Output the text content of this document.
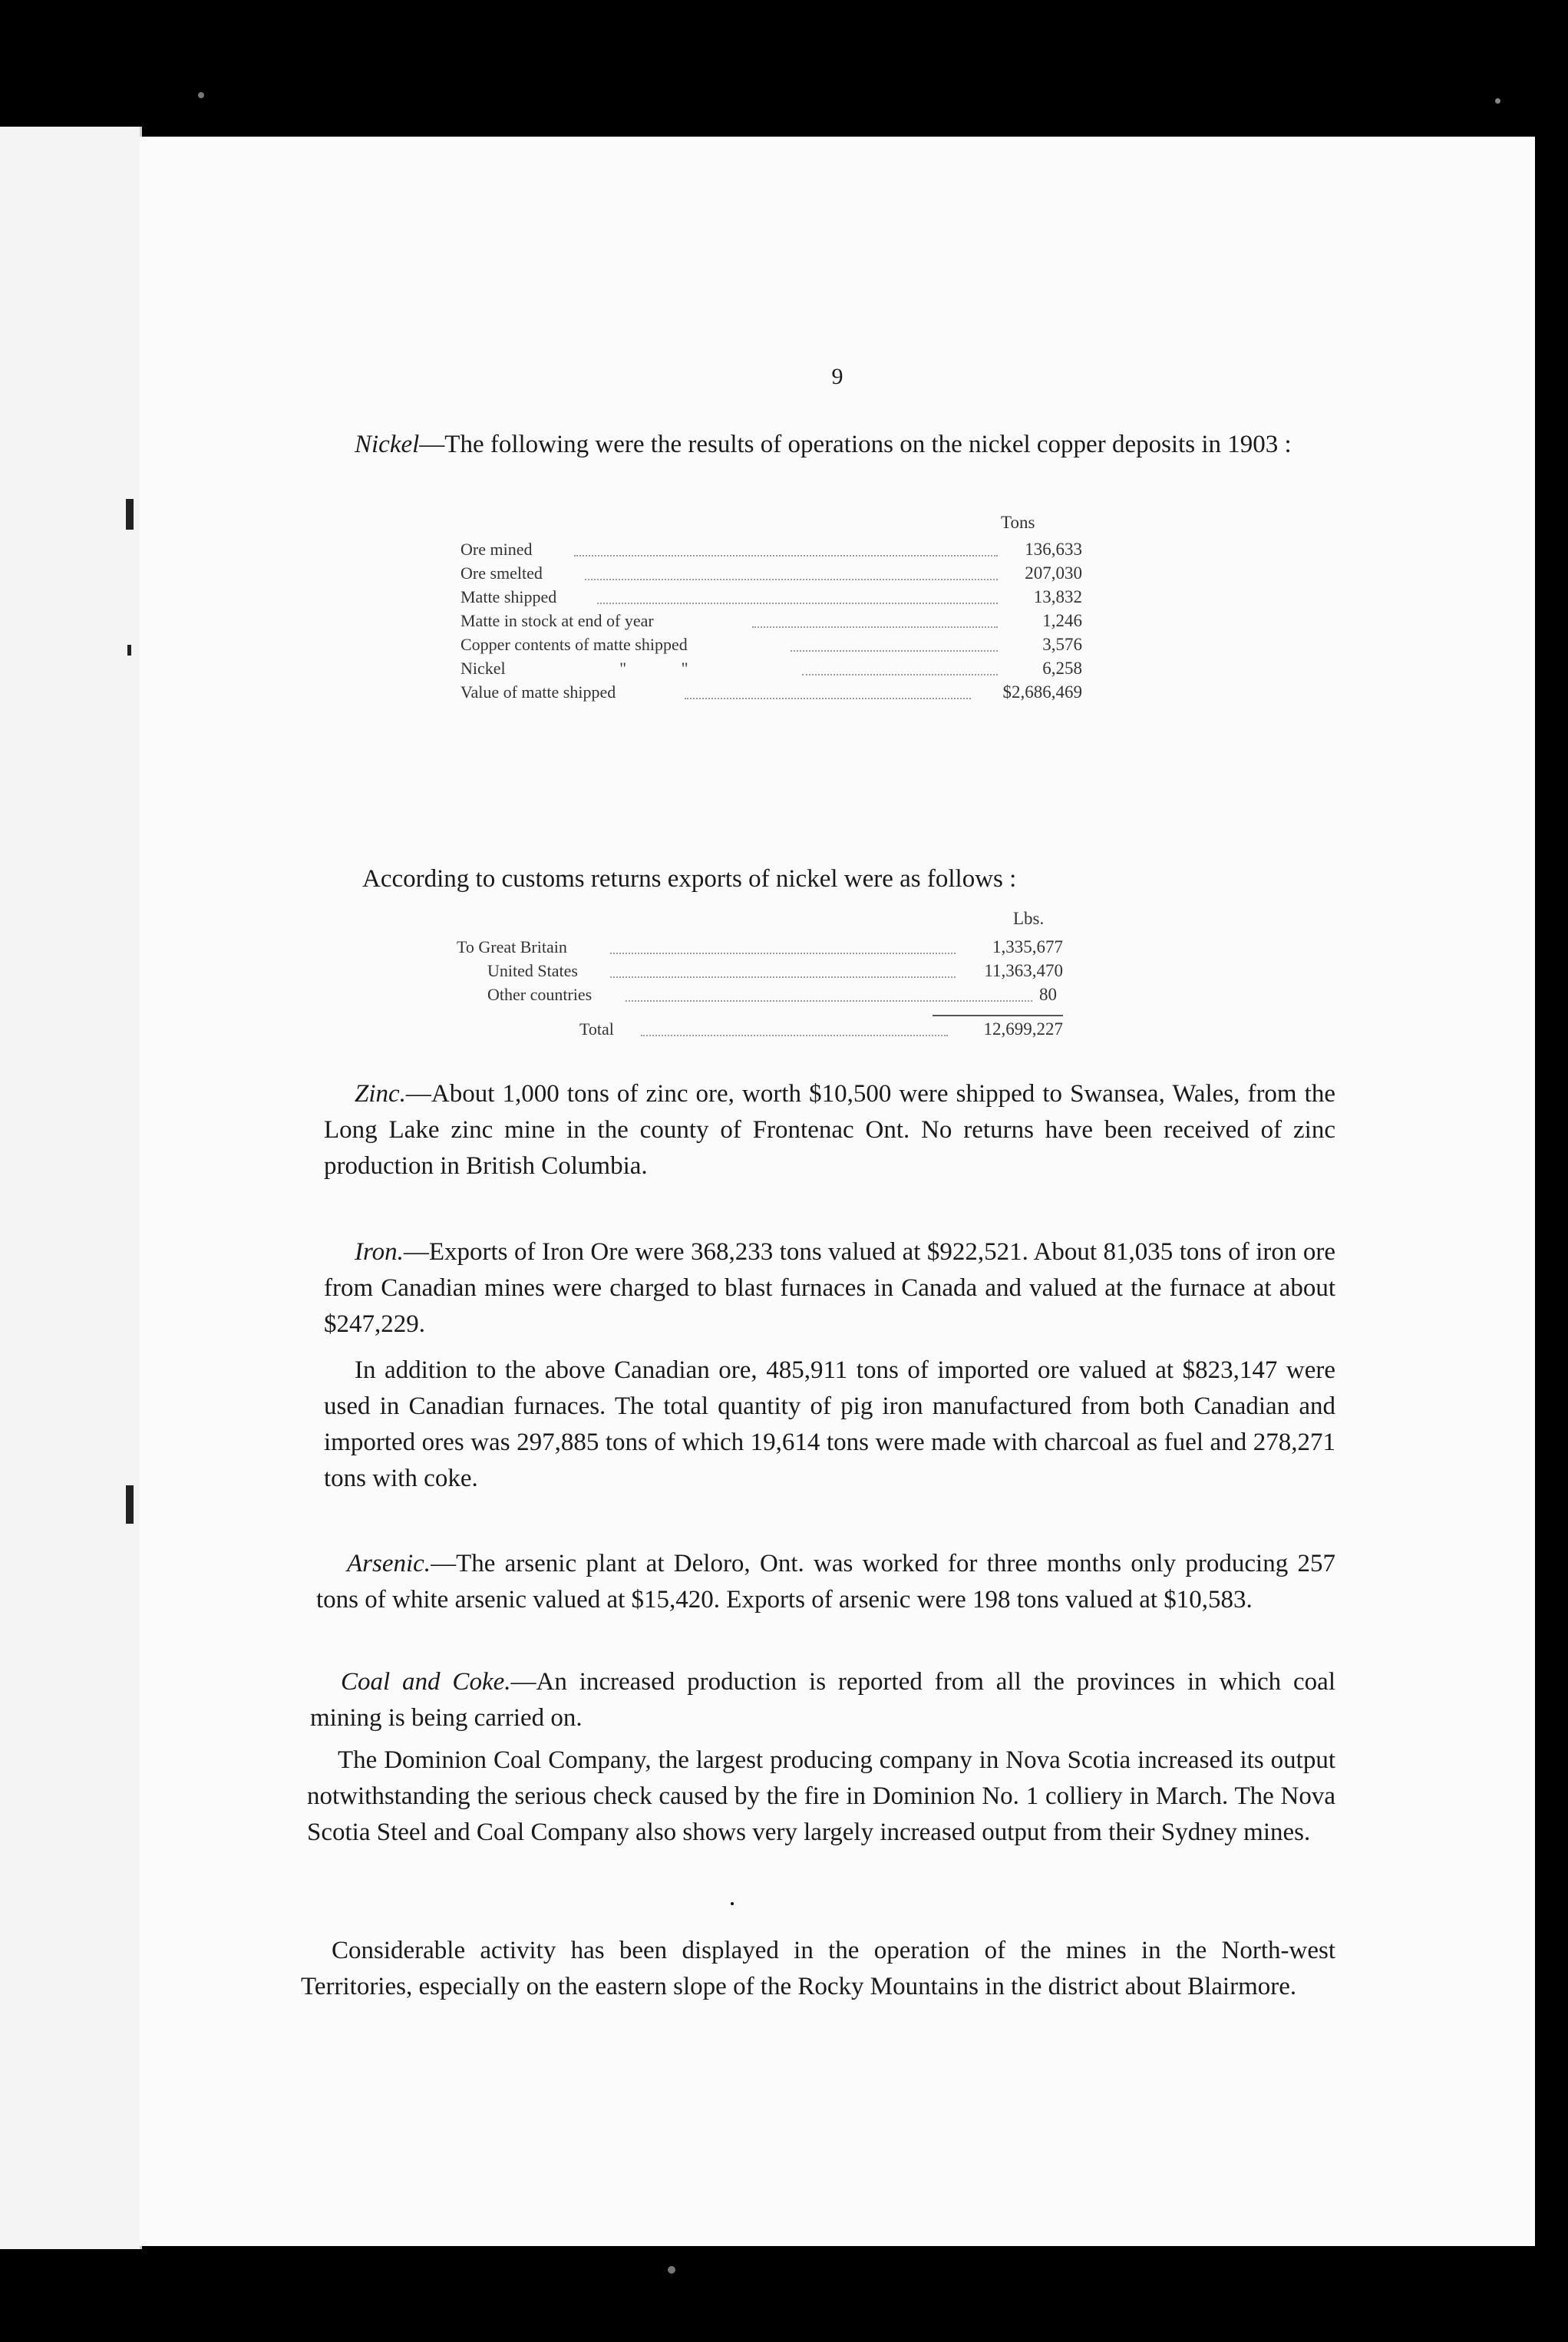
9

Nickel—The following were the results of operations on the nickel copper deposits in 1903 :

Tons
Ore mined	136,633
Ore smelted	207,030
Matte shipped	13,832
Matte in stock at end of year	1,246
Copper contents of matte shipped	3,576
Nickel                           "             "	6,258
Value of matte shipped	$2,686,469

According to customs returns exports of nickel were as follows :

Lbs.
To Great Britain	1,335,677
United States	11,363,470
Other countries	80
Total	12,699,227

Zinc.—About 1,000 tons of zinc ore, worth $10,500 were shipped to Swansea, Wales, from the Long Lake zinc mine in the county of Frontenac Ont. No returns have been received of zinc production in British Columbia.

Iron.—Exports of Iron Ore were 368,233 tons valued at $922,521. About 81,035 tons of iron ore from Canadian mines were charged to blast furnaces in Canada and valued at the furnace at about $247,229.

In addition to the above Canadian ore, 485,911 tons of imported ore valued at $823,147 were used in Canadian furnaces. The total quantity of pig iron manufactured from both Canadian and imported ores was 297,885 tons of which 19,614 tons were made with charcoal as fuel and 278,271 tons with coke.

Arsenic.—The arsenic plant at Deloro, Ont. was worked for three months only producing 257 tons of white arsenic valued at $15,420. Exports of arsenic were 198 tons valued at $10,583.

Coal and Coke.—An increased production is reported from all the provinces in which coal mining is being carried on.

The Dominion Coal Company, the largest producing company in Nova Scotia increased its output notwithstanding the serious check caused by the fire in Dominion No. 1 colliery in March. The Nova Scotia Steel and Coal Company also shows very largely increased output from their Sydney mines.

Considerable activity has been displayed in the operation of the mines in the North-west Territories, especially on the eastern slope of the Rocky Mountains in the district about Blairmore.
